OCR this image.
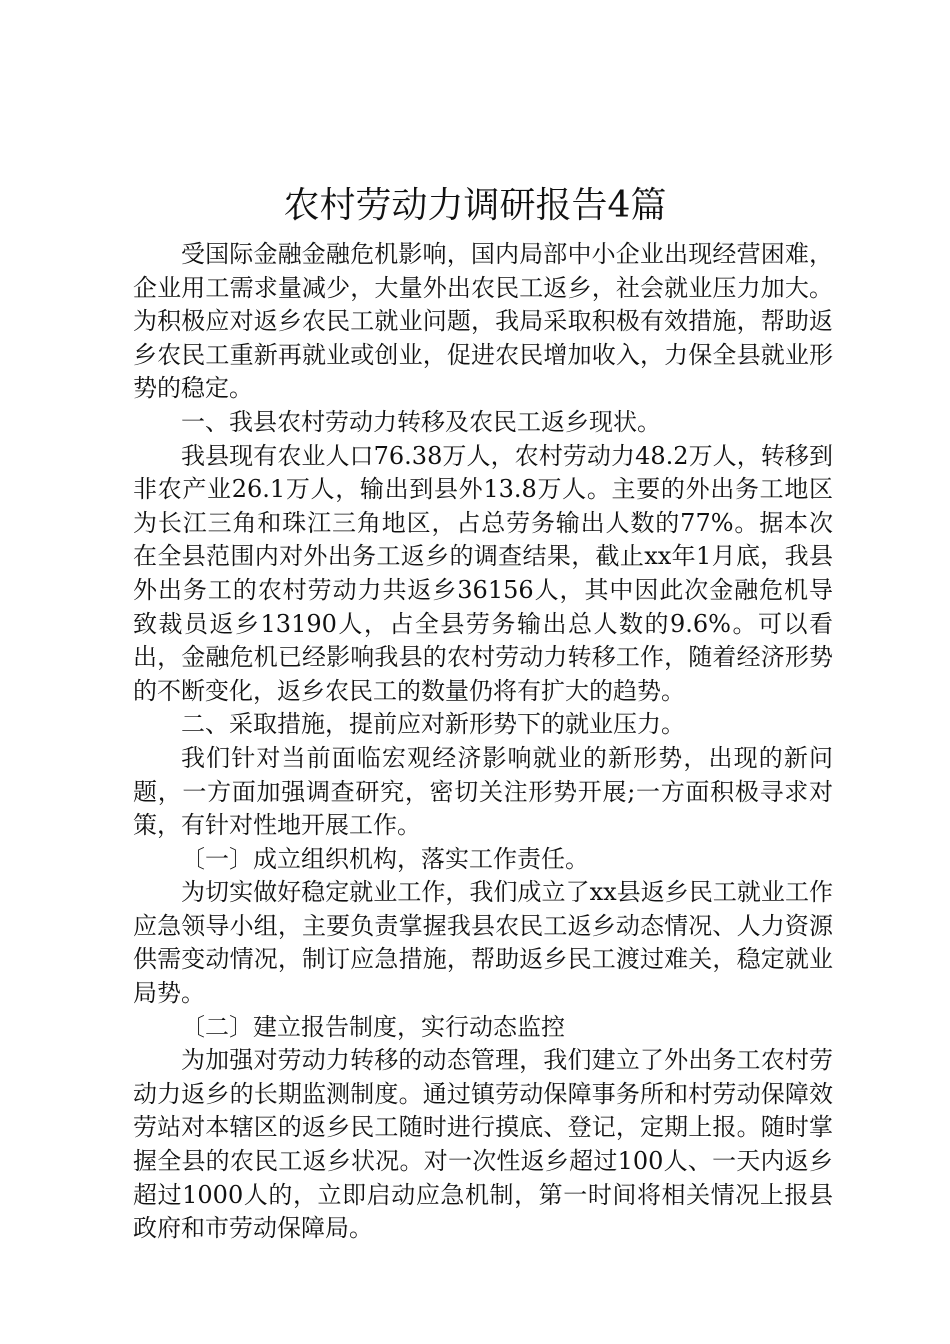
农村劳动力调研报告4篇

受国际金融金融危机影响，国内局部中小企业出现经营困难，企业用工需求量减少，大量外出农民工返乡，社会就业压力加大。为积极应对返乡农民工就业问题，我局采取积极有效措施，帮助返乡农民工重新再就业或创业，促进农民增加收入，力保全县就业形势的稳定。

一、我县农村劳动力转移及农民工返乡现状。

我县现有农业人口76.38万人，农村劳动力48.2万人，转移到非农产业26.1万人，输出到县外13.8万人。主要的外出务工地区为长江三角和珠江三角地区，占总劳务输出人数的77%。据本次在全县范围内对外出务工返乡的调查结果，截止xx年1月底，我县外出务工的农村劳动力共返乡36156人，其中因此次金融危机导致裁员返乡13190人，占全县劳务输出总人数的9.6%。可以看出，金融危机已经影响我县的农村劳动力转移工作，随着经济形势的不断变化，返乡农民工的数量仍将有扩大的趋势。

二、采取措施，提前应对新形势下的就业压力。

我们针对当前面临宏观经济影响就业的新形势，出现的新问题，一方面加强调查研究，密切关注形势开展;一方面积极寻求对策，有针对性地开展工作。

〔一〕成立组织机构，落实工作责任。

为切实做好稳定就业工作，我们成立了xx县返乡民工就业工作应急领导小组，主要负责掌握我县农民工返乡动态情况、人力资源供需变动情况，制订应急措施，帮助返乡民工渡过难关，稳定就业局势。

〔二〕建立报告制度，实行动态监控

为加强对劳动力转移的动态管理，我们建立了外出务工农村劳动力返乡的长期监测制度。通过镇劳动保障事务所和村劳动保障效劳站对本辖区的返乡民工随时进行摸底、登记，定期上报。随时掌握全县的农民工返乡状况。对一次性返乡超过100人、一天内返乡超过1000人的，立即启动应急机制，第一时间将相关情况上报县政府和市劳动保障局。
